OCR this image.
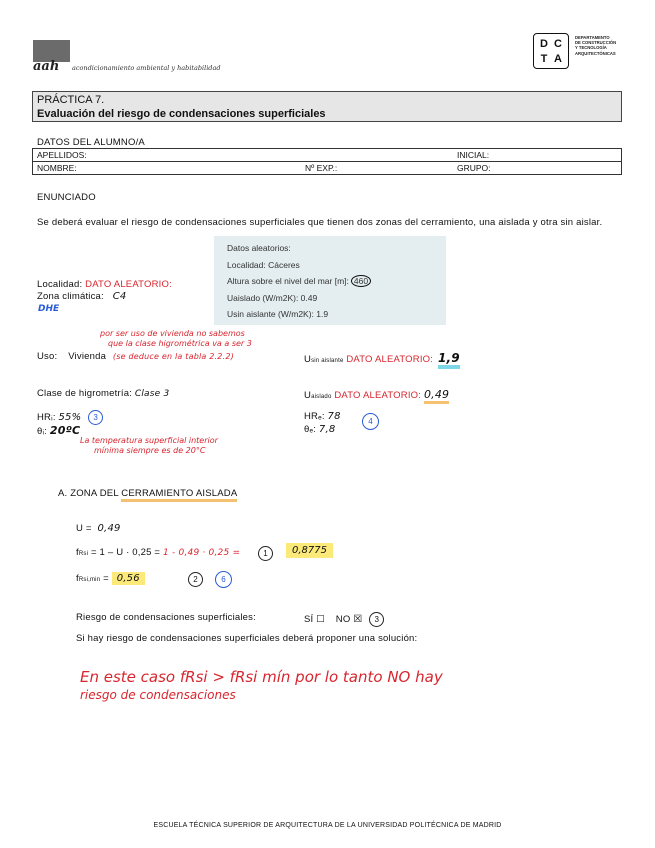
aah acondicionamiento ambiental y habitabilidad
D C
T A
DEPARTAMENTO
DE CONSTRUCCIÓN
Y TECNOLOGÍA
ARQUITECTÓNICAS
PRÁCTICA 7.
Evaluación del riesgo de condensaciones superficiales
DATOS DEL ALUMNO/A
APELLIDOS:	INICIAL:
NOMBRE:	Nº EXP.:	GRUPO:
ENUNCIADO
Se deberá evaluar el riesgo de condensaciones superficiales que tienen dos zonas del cerramiento, una aislada y otra sin aislar.
Datos aleatorios:
Localidad: Cáceres
Altura sobre el nivel del mar [m]: 460
Uaislado (W/m2K): 0.49
Usin aislante (W/m2K): 1.9
Localidad: DATO ALEATORIO:
Zona climática: C4
DHE
por ser uso de vivienda no sabemos
que la clase higrométrica va a ser 3
Uso: Vivienda (se deduce en la tabla 2.2.2)	Usin aislante DATO ALEATORIO: 1,9
Clase de higrometría: Clase 3	Uaislado DATO ALEATORIO: 0,49
HRᵢ: 55% 3
θᵢ: 20ºC
HRₑ: 78
θₑ: 7,8
4
La temperatura superficial interior
mínima siempre es de 20°C
A. ZONA DEL CERRAMIENTO AISLADA
U = 0,49
fRsi = 1 – U · 0,25 = 1 - 0,49 · 0,25 =	1	0,8775
fRsi,min = 0,56	2	6
Riesgo de condensaciones superficiales:	SÍ ☐ NO ☒ 3
Si hay riesgo de condensaciones superficiales deberá proponer una solución:
En este caso fRsi > fRsi mín por lo tanto NO hay
riesgo de condensaciones
ESCUELA TÉCNICA SUPERIOR DE ARQUITECTURA DE LA UNIVERSIDAD POLITÉCNICA DE MADRID
